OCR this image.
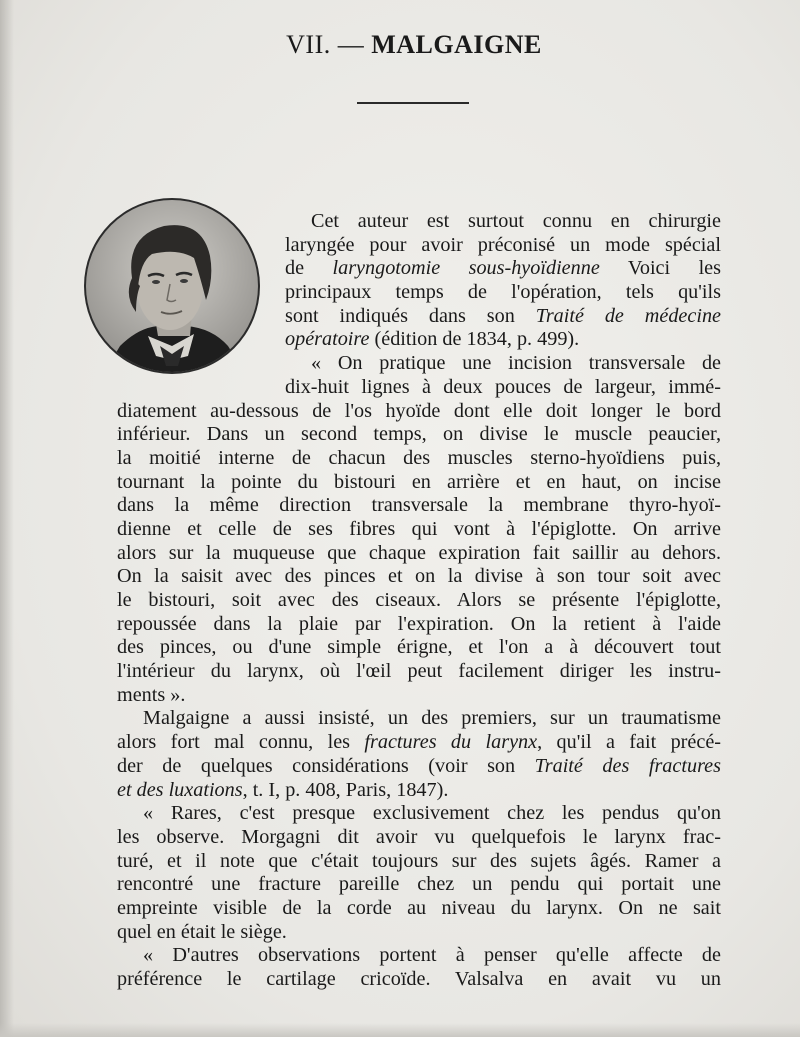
VII. — MALGAIGNE
Cet auteur est surtout connu en chirurgie
laryngée pour avoir préconisé un mode spécial
de laryngotomie sous-hyoïdienne Voici les
principaux temps de l'opération, tels qu'ils
sont indiqués dans son Traité de médecine
opératoire (édition de 1834, p. 499).
« On pratique une incision transversale de
dix-huit lignes à deux pouces de largeur, immé-
diatement au-dessous de l'os hyoïde dont elle doit longer le bord
inférieur. Dans un second temps, on divise le muscle peaucier,
la moitié interne de chacun des muscles sterno-hyoïdiens puis,
tournant la pointe du bistouri en arrière et en haut, on incise
dans la même direction transversale la membrane thyro-hyoï-
dienne et celle de ses fibres qui vont à l'épiglotte. On arrive
alors sur la muqueuse que chaque expiration fait saillir au dehors.
On la saisit avec des pinces et on la divise à son tour soit avec
le bistouri, soit avec des ciseaux. Alors se présente l'épiglotte,
repoussée dans la plaie par l'expiration. On la retient à l'aide
des pinces, ou d'une simple érigne, et l'on a à découvert tout
l'intérieur du larynx, où l'œil peut facilement diriger les instru-
ments ».
Malgaigne a aussi insisté, un des premiers, sur un traumatisme
alors fort mal connu, les fractures du larynx, qu'il a fait précé-
der de quelques considérations (voir son Traité des fractures
et des luxations, t. I, p. 408, Paris, 1847).
« Rares, c'est presque exclusivement chez les pendus qu'on
les observe. Morgagni dit avoir vu quelquefois le larynx frac-
turé, et il note que c'était toujours sur des sujets âgés. Ramer a
rencontré une fracture pareille chez un pendu qui portait une
empreinte visible de la corde au niveau du larynx. On ne sait
quel en était le siège.
« D'autres observations portent à penser qu'elle affecte de
préférence le cartilage cricoïde. Valsalva en avait vu un
